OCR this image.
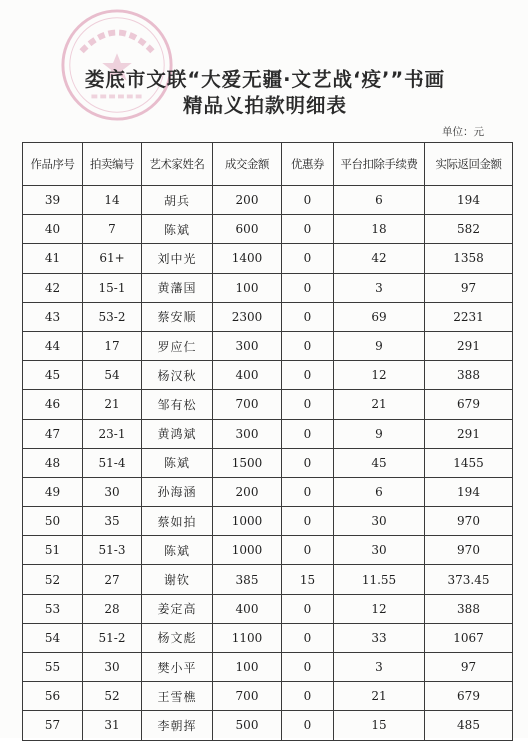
娄底市文联“大爱无疆·文艺战‘疫’”书画
精品义拍款明细表
单位：元
作品序号	拍卖编号	艺术家姓名	成交金额	优惠券	平台扣除手续费	实际返回金额
39	14	胡兵	200	0	6	194
40	7	陈斌	600	0	18	582
41	61+	刘中光	1400	0	42	1358
42	15-1	黄藩国	100	0	3	97
43	53-2	蔡安顺	2300	0	69	2231
44	17	罗应仁	300	0	9	291
45	54	杨汉秋	400	0	12	388
46	21	邹有松	700	0	21	679
47	23-1	黄鸿斌	300	0	9	291
48	51-4	陈斌	1500	0	45	1455
49	30	孙海涵	200	0	6	194
50	35	蔡如拍	1000	0	30	970
51	51-3	陈斌	1000	0	30	970
52	27	谢钦	385	15	11.55	373.45
53	28	姜定高	400	0	12	388
54	51-2	杨文彪	1100	0	33	1067
55	30	樊小平	100	0	3	97
56	52	王雪樵	700	0	21	679
57	31	李朝挥	500	0	15	485
